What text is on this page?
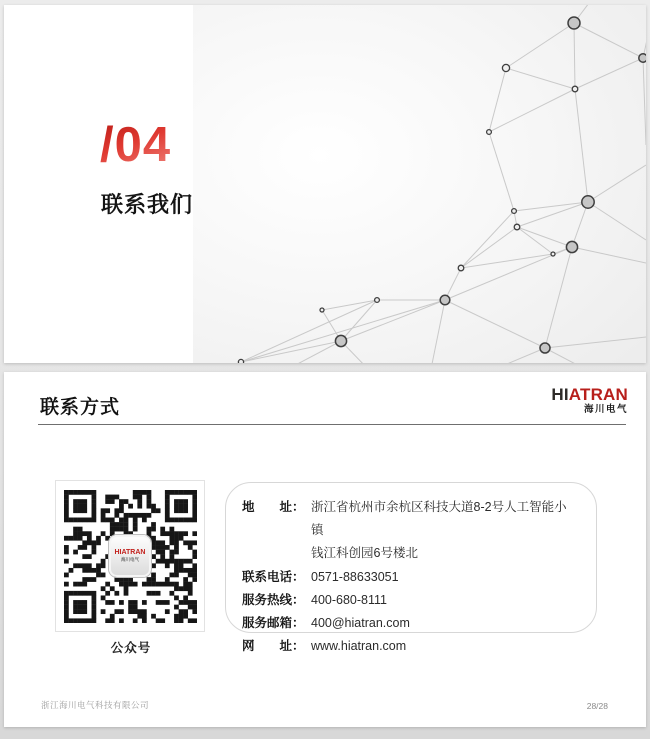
/04
联系我们
联系方式
HIATRAN
海川电气
HIATRAN
海川电气
公众号
地　　址： 浙江省杭州市余杭区科技大道8-2号人工智能小镇
钱江科创园6号楼北
联系电话： 0571-88633051
服务热线： 400-680-8111
服务邮箱： 400@hiatran.com
网　　址： www.hiatran.com
浙江海川电气科技有限公司	28/28
